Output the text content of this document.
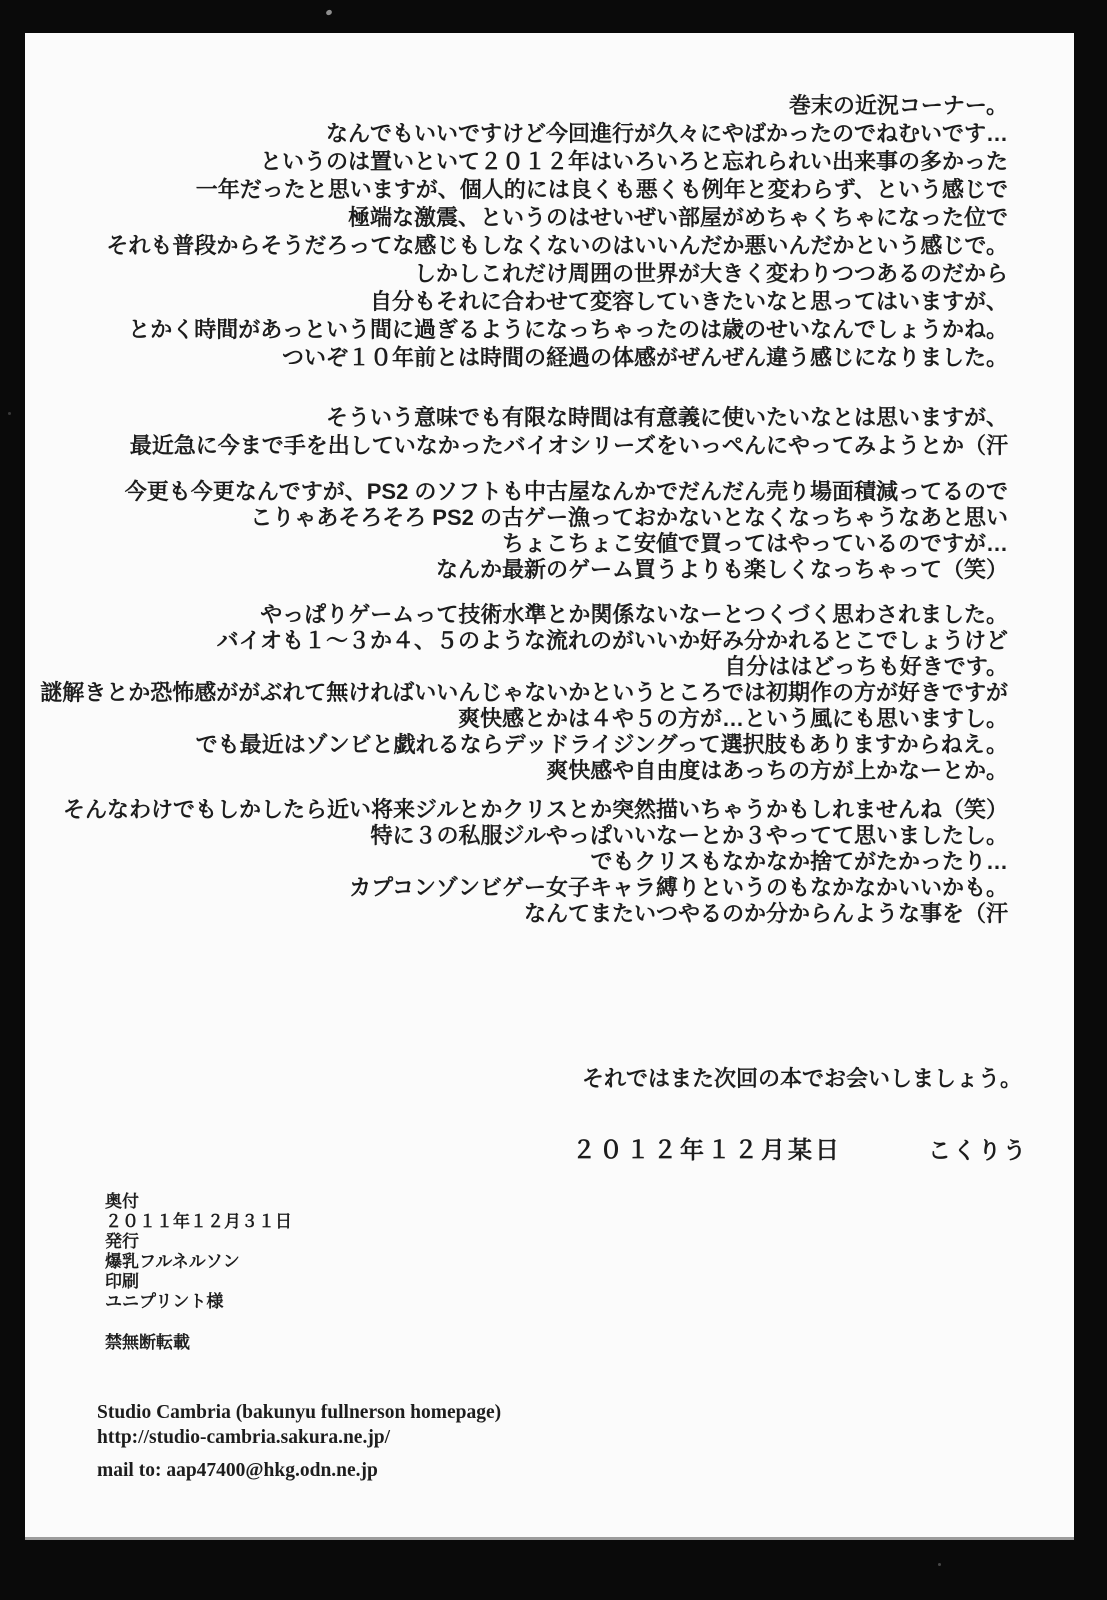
巻末の近況コーナー。
なんでもいいですけど今回進行が久々にやばかったのでねむいです…
というのは置いといて２０１２年はいろいろと忘れられい出来事の多かった
一年だったと思いますが、個人的には良くも悪くも例年と変わらず、という感じで
極端な激震、というのはせいぜい部屋がめちゃくちゃになった位で
それも普段からそうだろってな感じもしなくないのはいいんだか悪いんだかという感じで。
しかしこれだけ周囲の世界が大きく変わりつつあるのだから
自分もそれに合わせて変容していきたいなと思ってはいますが、
とかく時間があっという間に過ぎるようになっちゃったのは歳のせいなんでしょうかね。
ついぞ１０年前とは時間の経過の体感がぜんぜん違う感じになりました。
そういう意味でも有限な時間は有意義に使いたいなとは思いますが、
最近急に今まで手を出していなかったバイオシリーズをいっぺんにやってみようとか（汗
今更も今更なんですが、PS2 のソフトも中古屋なんかでだんだん売り場面積減ってるので
こりゃあそろそろ PS2 の古ゲー漁っておかないとなくなっちゃうなあと思い
ちょこちょこ安値で買ってはやっているのですが…
なんか最新のゲーム買うよりも楽しくなっちゃって（笑）
やっぱりゲームって技術水準とか関係ないなーとつくづく思わされました。
バイオも１～３か４、５のような流れのがいいか好み分かれるとこでしょうけど
自分ははどっちも好きです。
謎解きとか恐怖感ががぶれて無ければいいんじゃないかというところでは初期作の方が好きですが
爽快感とかは４や５の方が…という風にも思いますし。
でも最近はゾンビと戯れるならデッドライジングって選択肢もありますからねえ。
爽快感や自由度はあっちの方が上かなーとか。
そんなわけでもしかしたら近い将来ジルとかクリスとか突然描いちゃうかもしれませんね（笑）
特に３の私服ジルやっぱいいなーとか３やってて思いましたし。
でもクリスもなかなか捨てがたかったり…
カプコンゾンビゲー女子キャラ縛りというのもなかなかいいかも。
なんてまたいつやるのか分からんような事を（汗
それではまた次回の本でお会いしましょう。
２０１２年１２月某日	こくりう
奥付
２０１１年１２月３１日
発行
爆乳フルネルソン
印刷
ユニプリント様
禁無断転載
Studio Cambria (bakunyu fullnerson homepage)
http://studio-cambria.sakura.ne.jp/
mail to: aap47400@hkg.odn.ne.jp
